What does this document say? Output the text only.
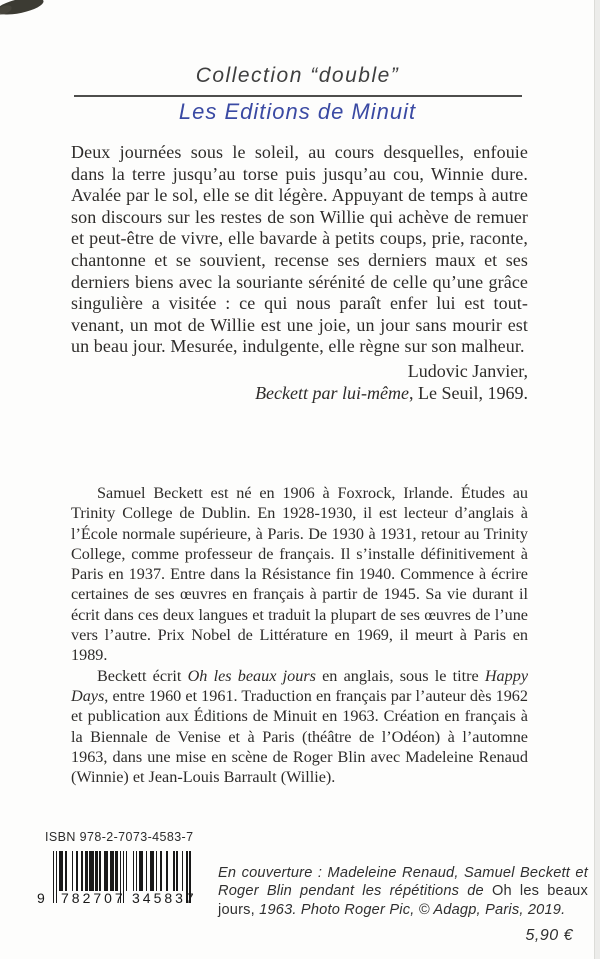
Collection “double”
Les Editions de Minuit

Deux journées sous le soleil, au cours desquelles, enfouie dans la terre jusqu’au torse puis jusqu’au cou, Winnie dure. Avalée par le sol, elle se dit légère. Appuyant de temps à autre son discours sur les restes de son Willie qui achève de remuer et peut-être de vivre, elle bavarde à petits coups, prie, raconte, chantonne et se souvient, recense ses derniers maux et ses derniers biens avec la souriante sérénité de celle qu’une grâce singulière a visitée : ce qui nous paraît enfer lui est tout-venant, un mot de Willie est une joie, un jour sans mourir est un beau jour. Mesurée, indulgente, elle règne sur son malheur.

Ludovic Janvier,
Beckett par lui-même, Le Seuil, 1969.

Samuel Beckett est né en 1906 à Foxrock, Irlande. Études au Trinity College de Dublin. En 1928-1930, il est lecteur d’anglais à l’École normale supérieure, à Paris. De 1930 à 1931, retour au Trinity College, comme professeur de français. Il s’installe définitivement à Paris en 1937. Entre dans la Résistance fin 1940. Commence à écrire certaines de ses œuvres en français à partir de 1945. Sa vie durant il écrit dans ces deux langues et traduit la plupart de ses œuvres de l’une vers l’autre. Prix Nobel de Littérature en 1969, il meurt à Paris en 1989.

Beckett écrit Oh les beaux jours en anglais, sous le titre Happy Days, entre 1960 et 1961. Traduction en français par l’auteur dès 1962 et publication aux Éditions de Minuit en 1963. Création en français à la Biennale de Venise et à Paris (théâtre de l’Odéon) à l’automne 1963, dans une mise en scène de Roger Blin avec Madeleine Renaud (Winnie) et Jean-Louis Barrault (Willie).

ISBN 978-2-7073-4583-7
9 782707 345837
En couverture : Madeleine Renaud, Samuel Beckett et Roger Blin pendant les répétitions de Oh les beaux jours, 1963. Photo Roger Pic, © Adagp, Paris, 2019.
5,90 €
